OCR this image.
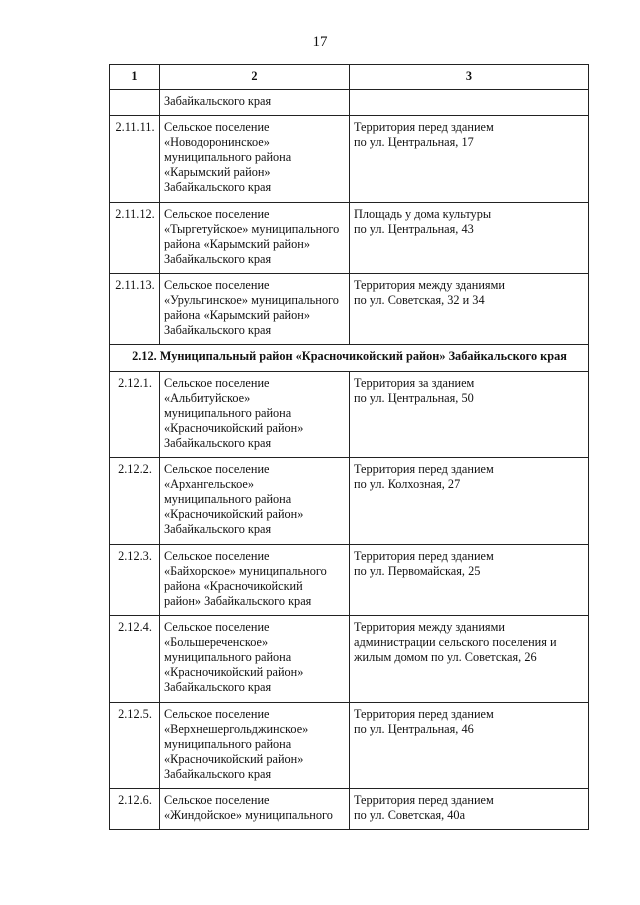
17
1	2	3
	Забайкальского края	
2.11.11.	Сельское поселение
«Новодоронинское»
муниципального района
«Карымский район»
Забайкальского края	Территория перед зданием
по ул. Центральная, 17
2.11.12.	Сельское поселение
«Тыргетуйское» муниципального
района «Карымский район»
Забайкальского края	Площадь у дома культуры
по ул. Центральная, 43
2.11.13.	Сельское поселение
«Урульгинское» муниципального
района «Карымский район»
Забайкальского края	Территория между зданиями
по ул. Советская, 32 и 34
2.12. Муниципальный район «Красночикойский район» Забайкальского края		
2.12.1.	Сельское поселение
«Альбитуйское»
муниципального района
«Красночикойский район»
Забайкальского края	Территория за зданием
по ул. Центральная, 50
2.12.2.	Сельское поселение
«Архангельское»
муниципального района
«Красночикойский район»
Забайкальского края	Территория перед зданием
по ул. Колхозная, 27
2.12.3.	Сельское поселение
«Байхорское» муниципального
района «Красночикойский
район» Забайкальского края	Территория перед зданием
по ул. Первомайская, 25
2.12.4.	Сельское поселение
«Большереченское»
муниципального района
«Красночикойский район»
Забайкальского края	Территория между зданиями
администрации сельского поселения и
жилым домом по ул. Советская, 26
2.12.5.	Сельское поселение
«Верхнешергольджинское»
муниципального района
«Красночикойский район»
Забайкальского края	Территория перед зданием
по ул. Центральная, 46
2.12.6.	Сельское поселение
«Жиндойское» муниципального	Территория перед зданием
по ул. Советская, 40а
